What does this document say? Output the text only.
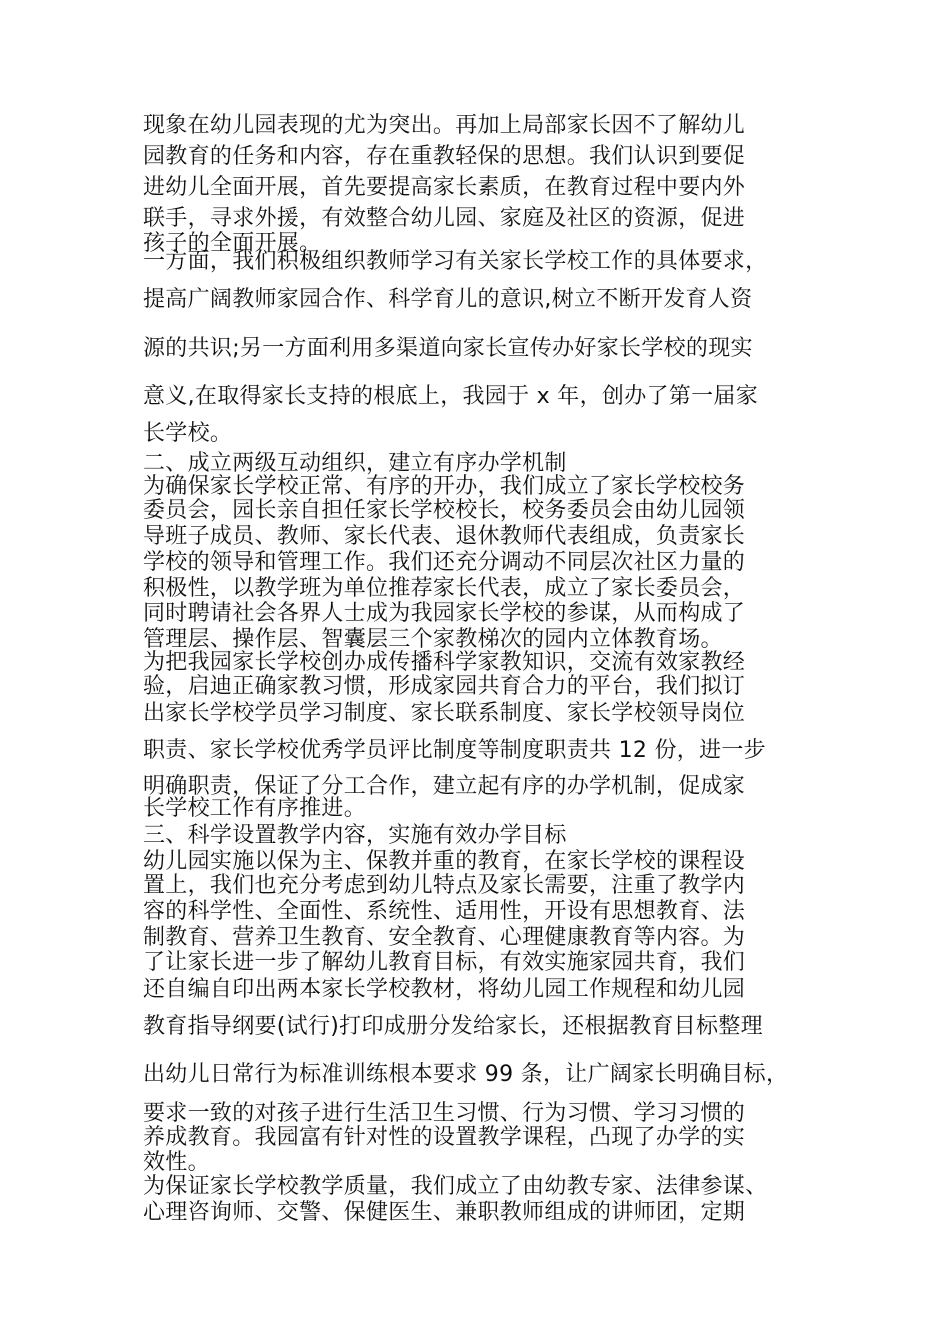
现象在幼儿园表现的尤为突出。再加上局部家长因不了解幼儿

园教育的任务和内容，存在重教轻保的思想。我们认识到要促

进幼儿全面开展，首先要提高家长素质，在教育过程中要内外

联手，寻求外援，有效整合幼儿园、家庭及社区的资源，促进

孩子的全面开展。

一方面，我们积极组织教师学习有关家长学校工作的具体要求，

提高广阔教师家园合作、科学育儿的意识,树立不断开发育人资

源的共识;另一方面利用多渠道向家长宣传办好家长学校的现实

意义,在取得家长支持的根底上，我园于 x 年，创办了第一届家

长学校。

二、成立两级互动组织，建立有序办学机制

为确保家长学校正常、有序的开办，我们成立了家长学校校务

委员会，园长亲自担任家长学校校长，校务委员会由幼儿园领

导班子成员、教师、家长代表、退休教师代表组成，负责家长

学校的领导和管理工作。我们还充分调动不同层次社区力量的

积极性，以教学班为单位推荐家长代表，成立了家长委员会，

同时聘请社会各界人士成为我园家长学校的参谋，从而构成了

管理层、操作层、智囊层三个家教梯次的园内立体教育场。

为把我园家长学校创办成传播科学家教知识，交流有效家教经

验，启迪正确家教习惯，形成家园共育合力的平台，我们拟订

出家长学校学员学习制度、家长联系制度、家长学校领导岗位

职责、家长学校优秀学员评比制度等制度职责共 12 份，进一步

明确职责，保证了分工合作，建立起有序的办学机制，促成家

长学校工作有序推进。

三、科学设置教学内容，实施有效办学目标

幼儿园实施以保为主、保教并重的教育，在家长学校的课程设

置上，我们也充分考虑到幼儿特点及家长需要，注重了教学内

容的科学性、全面性、系统性、适用性，开设有思想教育、法

制教育、营养卫生教育、安全教育、心理健康教育等内容。为

了让家长进一步了解幼儿教育目标，有效实施家园共育，我们

还自编自印出两本家长学校教材，将幼儿园工作规程和幼儿园

教育指导纲要(试行)打印成册分发给家长，还根据教育目标整理

出幼儿日常行为标准训练根本要求 99 条，让广阔家长明确目标，

要求一致的对孩子进行生活卫生习惯、行为习惯、学习习惯的

养成教育。我园富有针对性的设置教学课程，凸现了办学的实

效性。

为保证家长学校教学质量，我们成立了由幼教专家、法律参谋、

心理咨询师、交警、保健医生、兼职教师组成的讲师团，定期
